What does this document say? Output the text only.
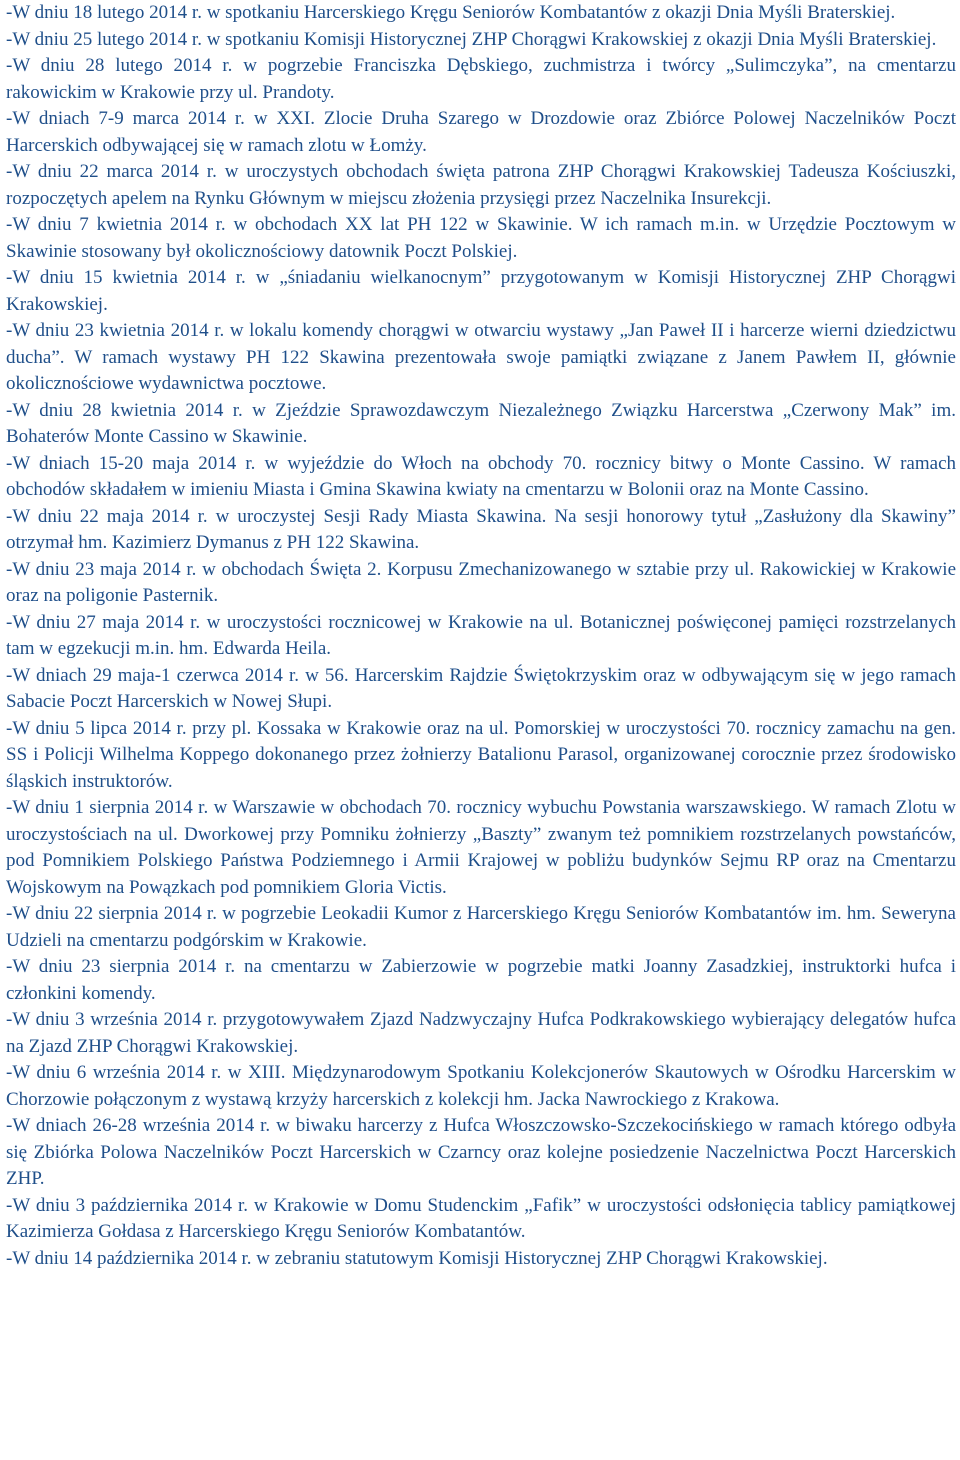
-W dniu 18 lutego 2014 r. w spotkaniu Harcerskiego Kręgu Seniorów Kombatantów z okazji Dnia Myśli Braterskiej.

-W dniu 25 lutego 2014 r. w spotkaniu Komisji Historycznej ZHP Chorągwi Krakowskiej z okazji Dnia Myśli Braterskiej.

-W dniu 28 lutego 2014 r. w pogrzebie Franciszka Dębskiego, zuchmistrza i twórcy „Sulimczyka”, na cmentarzu rakowickim w Krakowie przy ul. Prandoty.

-W dniach 7-9 marca 2014 r. w XXI. Zlocie Druha Szarego w Drozdowie oraz Zbiórce Polowej Naczelników Poczt Harcerskich odbywającej się w ramach zlotu w Łomży.

-W dniu 22 marca 2014 r. w uroczystych obchodach święta patrona ZHP Chorągwi Krakowskiej Tadeusza Kościuszki, rozpoczętych apelem na Rynku Głównym w miejscu złożenia przysięgi przez Naczelnika Insurekcji.

-W dniu 7 kwietnia 2014 r. w obchodach XX lat PH 122 w Skawinie. W ich ramach m.in. w Urzędzie Pocztowym w Skawinie stosowany był okolicznościowy datownik Poczt Polskiej.

-W dniu 15 kwietnia 2014 r. w „śniadaniu wielkanocnym” przygotowanym w Komisji Historycznej ZHP Chorągwi Krakowskiej.

-W dniu 23 kwietnia 2014 r. w lokalu komendy chorągwi w otwarciu wystawy „Jan Paweł II i harcerze wierni dziedzictwu ducha”. W ramach wystawy PH 122 Skawina prezentowała swoje pamiątki związane z Janem Pawłem II, głównie okolicznościowe wydawnictwa pocztowe.

-W dniu 28 kwietnia 2014 r. w Zjeździe Sprawozdawczym Niezależnego Związku Harcerstwa „Czerwony Mak” im. Bohaterów Monte Cassino w Skawinie.

-W dniach 15-20 maja 2014 r. w wyjeździe do Włoch na obchody 70. rocznicy bitwy o Monte Cassino. W ramach obchodów składałem w imieniu Miasta i Gmina Skawina kwiaty na cmentarzu w Bolonii oraz na Monte Cassino.

-W dniu 22 maja 2014 r. w uroczystej Sesji Rady Miasta Skawina. Na sesji honorowy tytuł „Zasłużony dla Skawiny” otrzymał hm. Kazimierz Dymanus z PH 122 Skawina.

-W dniu 23 maja 2014 r. w obchodach Święta 2. Korpusu Zmechanizowanego w sztabie przy ul. Rakowickiej w Krakowie oraz na poligonie Pasternik.

-W dniu 27 maja 2014 r. w uroczystości rocznicowej w Krakowie na ul. Botanicznej poświęconej pamięci rozstrzelanych tam w egzekucji m.in. hm. Edwarda Heila.

-W dniach 29 maja-1 czerwca 2014 r. w 56. Harcerskim Rajdzie Świętokrzyskim oraz w odbywającym się w jego ramach Sabacie Poczt Harcerskich w Nowej Słupi.

-W dniu 5 lipca 2014 r. przy pl. Kossaka w Krakowie oraz na ul. Pomorskiej w uroczystości 70. rocznicy zamachu na gen. SS i Policji Wilhelma Koppego dokonanego przez żołnierzy Batalionu Parasol, organizowanej corocznie przez środowisko śląskich instruktorów.

-W dniu 1 sierpnia 2014 r. w Warszawie w obchodach 70. rocznicy wybuchu Powstania warszawskiego. W ramach Zlotu w uroczystościach na ul. Dworkowej przy Pomniku żołnierzy „Baszty” zwanym też pomnikiem rozstrzelanych powstańców, pod Pomnikiem Polskiego Państwa Podziemnego i Armii Krajowej w pobliżu budynków Sejmu RP oraz na Cmentarzu Wojskowym na Powązkach pod pomnikiem Gloria Victis.

-W dniu 22 sierpnia 2014 r. w pogrzebie Leokadii Kumor z Harcerskiego Kręgu Seniorów Kombatantów im. hm. Seweryna Udzieli na cmentarzu podgórskim w Krakowie.

-W dniu 23 sierpnia 2014 r. na cmentarzu w Zabierzowie w pogrzebie matki Joanny Zasadzkiej, instruktorki hufca i członkini komendy.

-W dniu 3 września 2014 r. przygotowywałem Zjazd Nadzwyczajny Hufca Podkrakowskiego wybierający delegatów hufca na Zjazd ZHP Chorągwi Krakowskiej.

-W dniu 6 września 2014 r. w XIII. Międzynarodowym Spotkaniu Kolekcjonerów Skautowych w Ośrodku Harcerskim w Chorzowie połączonym z wystawą krzyży harcerskich z kolekcji hm. Jacka Nawrockiego z Krakowa.

-W dniach 26-28 września 2014 r. w biwaku harcerzy z Hufca Włoszczowsko-Szczekocińskiego w ramach którego odbyła się Zbiórka Polowa Naczelników Poczt Harcerskich w Czarncy oraz kolejne posiedzenie Naczelnictwa Poczt Harcerskich ZHP.

-W dniu 3 października 2014 r. w Krakowie w Domu Studenckim „Fafik” w uroczystości odsłonięcia tablicy pamiątkowej Kazimierza Gołdasa z Harcerskiego Kręgu Seniorów Kombatantów.

-W dniu 14 października 2014 r. w zebraniu statutowym Komisji Historycznej ZHP Chorągwi Krakowskiej.
